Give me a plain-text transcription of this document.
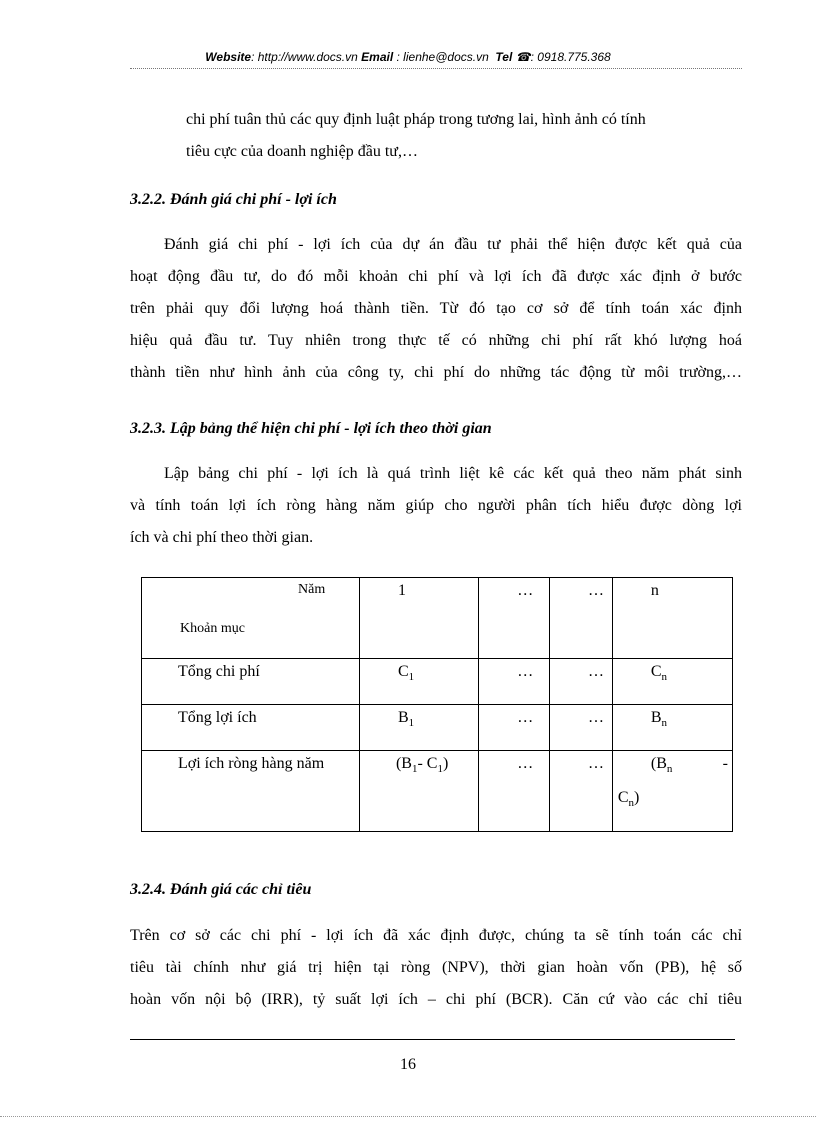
Website: http://www.docs.vn Email : lienhe@docs.vn Tel ☎: 0918.775.368

chi phí tuân thủ các quy định luật pháp trong tương lai, hình ảnh có tính
tiêu cực của doanh nghiệp đầu tư,…

3.2.2. Đánh giá chi phí - lợi ích

Đánh giá chi phí - lợi ích của dự án đầu tư phải thể hiện được kết quả của
hoạt động đầu tư, do đó mỗi khoản chi phí và lợi ích đã được xác định ở bước
trên phải quy đổi lượng hoá thành tiền. Từ đó tạo cơ sở để tính toán xác định
hiệu quả đầu tư. Tuy nhiên trong thực tế có những chi phí rất khó lượng hoá
thành tiền như hình ảnh của công ty, chi phí do những tác động từ môi trường,…

3.2.3. Lập bảng thể hiện chi phí - lợi ích theo thời gian

Lập bảng chi phí - lợi ích là quá trình liệt kê các kết quả theo năm phát sinh
và tính toán lợi ích ròng hàng năm giúp cho người phân tích hiểu được dòng lợi
ích và chi phí theo thời gian.

Năm
Khoản mục	1	…	…	n

Tổng chi phí	$C_1$	…	…	$C_n$

Tổng lợi ích	$B_1$	…	…	$B_n$

Lợi ích ròng hàng năm	($B_1-$ $C_1$)	…	…	($B_n$ -
$C_n$)
3.2.4. Đánh giá các chỉ tiêu

Trên cơ sở các chi phí - lợi ích đã xác định được, chúng ta sẽ tính toán các chỉ
tiêu tài chính như giá trị hiện tại ròng (NPV), thời gian hoàn vốn (PB), hệ số
hoàn vốn nội bộ (IRR), tỷ suất lợi ích – chi phí (BCR). Căn cứ vào các chỉ tiêu

16
